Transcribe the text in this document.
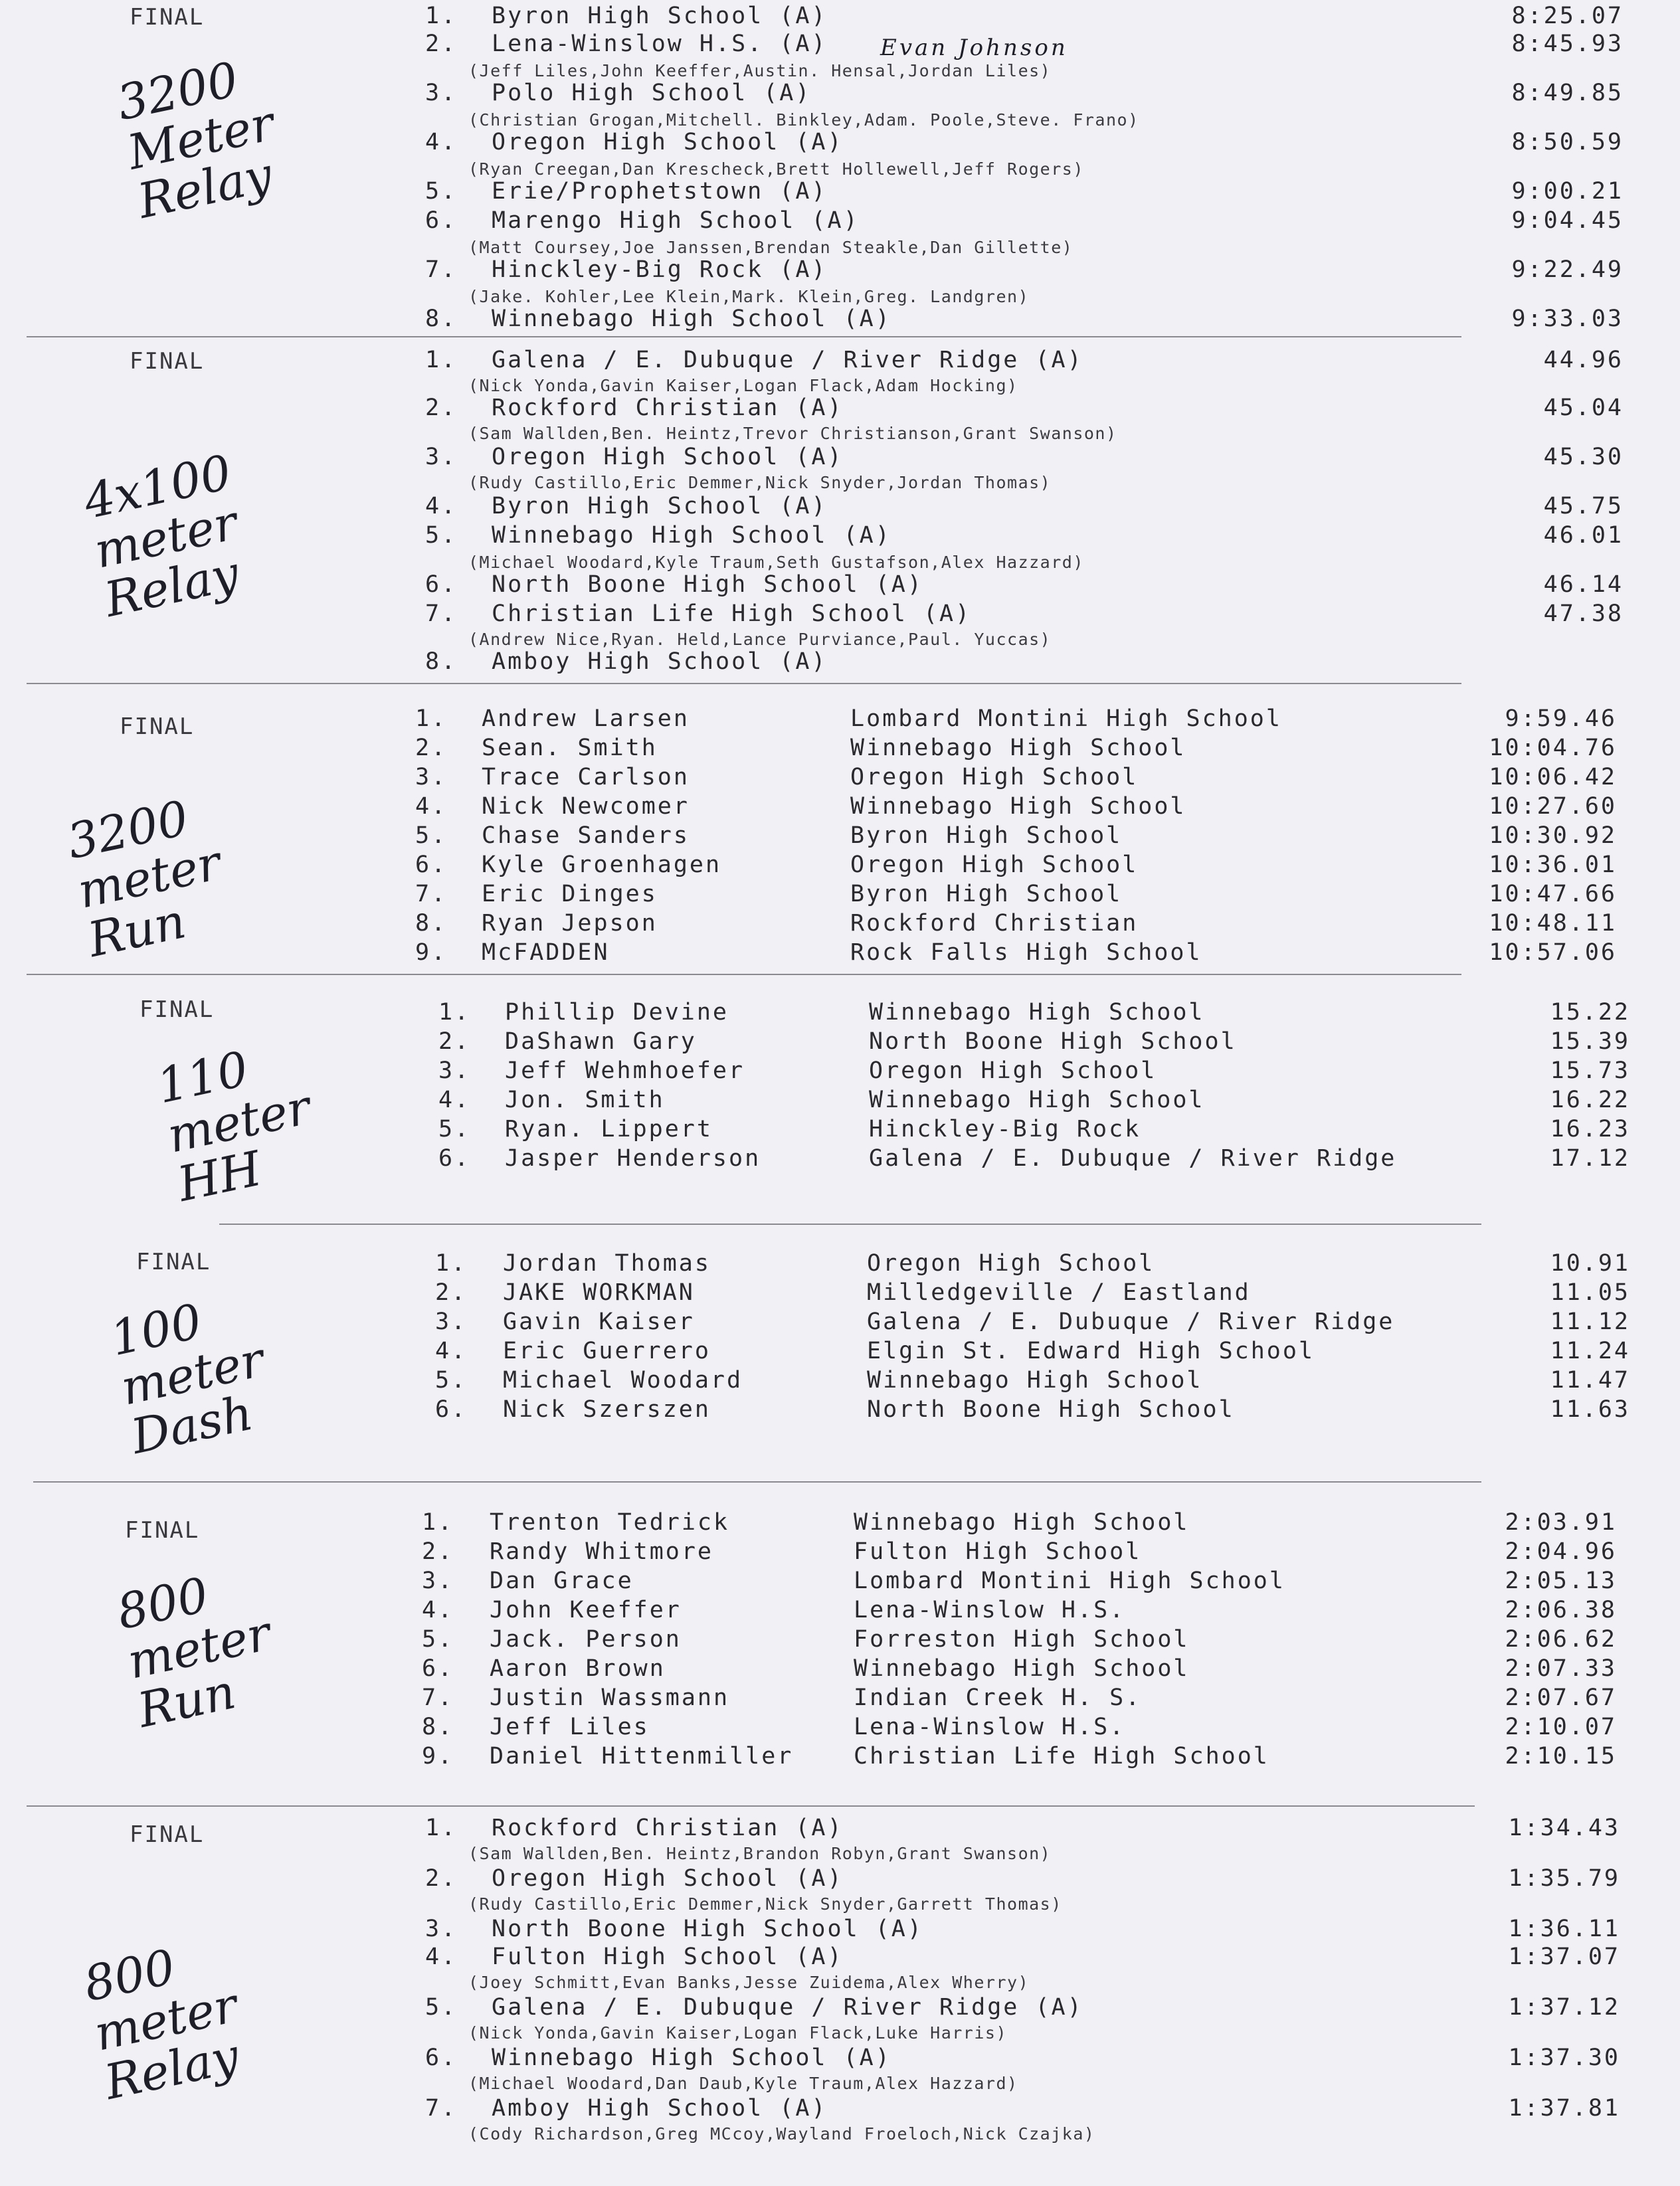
FINAL
3200
Meter
Relay
1. Byron High School (A)	8:25.07
2. Lena-Winslow H.S. (A)	8:45.93
Evan Johnson
(Jeff Liles,John Keeffer,Austin. Hensal,Jordan Liles)
3. Polo High School (A)	8:49.85
(Christian Grogan,Mitchell. Binkley,Adam. Poole,Steve. Frano)
4. Oregon High School (A)	8:50.59
(Ryan Creegan,Dan Krescheck,Brett Hollewell,Jeff Rogers)
5. Erie/Prophetstown (A)	9:00.21
6. Marengo High School (A)	9:04.45
(Matt Coursey,Joe Janssen,Brendan Steakle,Dan Gillette)
7. Hinckley-Big Rock (A)	9:22.49
(Jake. Kohler,Lee Klein,Mark. Klein,Greg. Landgren)
8. Winnebago High School (A)	9:33.03
FINAL
4x100
meter
Relay
1. Galena / E. Dubuque / River Ridge (A)	44.96
(Nick Yonda,Gavin Kaiser,Logan Flack,Adam Hocking)
2. Rockford Christian (A)	45.04
(Sam Wallden,Ben. Heintz,Trevor Christianson,Grant Swanson)
3. Oregon High School (A)	45.30
(Rudy Castillo,Eric Demmer,Nick Snyder,Jordan Thomas)
4. Byron High School (A)	45.75
5. Winnebago High School (A)	46.01
(Michael Woodard,Kyle Traum,Seth Gustafson,Alex Hazzard)
6. North Boone High School (A)	46.14
7. Christian Life High School (A)	47.38
(Andrew Nice,Ryan. Held,Lance Purviance,Paul. Yuccas)
8. Amboy High School (A)
FINAL
3200
meter
Run
1. Andrew Larsen	Lombard Montini High School	9:59.46
2. Sean. Smith	Winnebago High School	10:04.76
3. Trace Carlson	Oregon High School	10:06.42
4. Nick Newcomer	Winnebago High School	10:27.60
5. Chase Sanders	Byron High School	10:30.92
6. Kyle Groenhagen	Oregon High School	10:36.01
7. Eric Dinges	Byron High School	10:47.66
8. Ryan Jepson	Rockford Christian	10:48.11
9. McFADDEN	Rock Falls High School	10:57.06
FINAL
110
meter
HH
1. Phillip Devine	Winnebago High School	15.22
2. DaShawn Gary	North Boone High School	15.39
3. Jeff Wehmhoefer	Oregon High School	15.73
4. Jon. Smith	Winnebago High School	16.22
5. Ryan. Lippert	Hinckley-Big Rock	16.23
6. Jasper Henderson	Galena / E. Dubuque / River Ridge	17.12
FINAL
100
meter
Dash
1. Jordan Thomas	Oregon High School	10.91
2. JAKE WORKMAN	Milledgeville / Eastland	11.05
3. Gavin Kaiser	Galena / E. Dubuque / River Ridge	11.12
4. Eric Guerrero	Elgin St. Edward High School	11.24
5. Michael Woodard	Winnebago High School	11.47
6. Nick Szerszen	North Boone High School	11.63
FINAL
800
meter
Run
1. Trenton Tedrick	Winnebago High School	2:03.91
2. Randy Whitmore	Fulton High School	2:04.96
3. Dan Grace	Lombard Montini High School	2:05.13
4. John Keeffer	Lena-Winslow H.S.	2:06.38
5. Jack. Person	Forreston High School	2:06.62
6. Aaron Brown	Winnebago High School	2:07.33
7. Justin Wassmann	Indian Creek H. S.	2:07.67
8. Jeff Liles	Lena-Winslow H.S.	2:10.07
9. Daniel Hittenmiller	Christian Life High School	2:10.15
FINAL
800
meter
Relay
1. Rockford Christian (A)	1:34.43
(Sam Wallden,Ben. Heintz,Brandon Robyn,Grant Swanson)
2. Oregon High School (A)	1:35.79
(Rudy Castillo,Eric Demmer,Nick Snyder,Garrett Thomas)
3. North Boone High School (A)	1:36.11
4. Fulton High School (A)	1:37.07
(Joey Schmitt,Evan Banks,Jesse Zuidema,Alex Wherry)
5. Galena / E. Dubuque / River Ridge (A)	1:37.12
(Nick Yonda,Gavin Kaiser,Logan Flack,Luke Harris)
6. Winnebago High School (A)	1:37.30
(Michael Woodard,Dan Daub,Kyle Traum,Alex Hazzard)
7. Amboy High School (A)	1:37.81
(Cody Richardson,Greg MCcoy,Wayland Froeloch,Nick Czajka)
